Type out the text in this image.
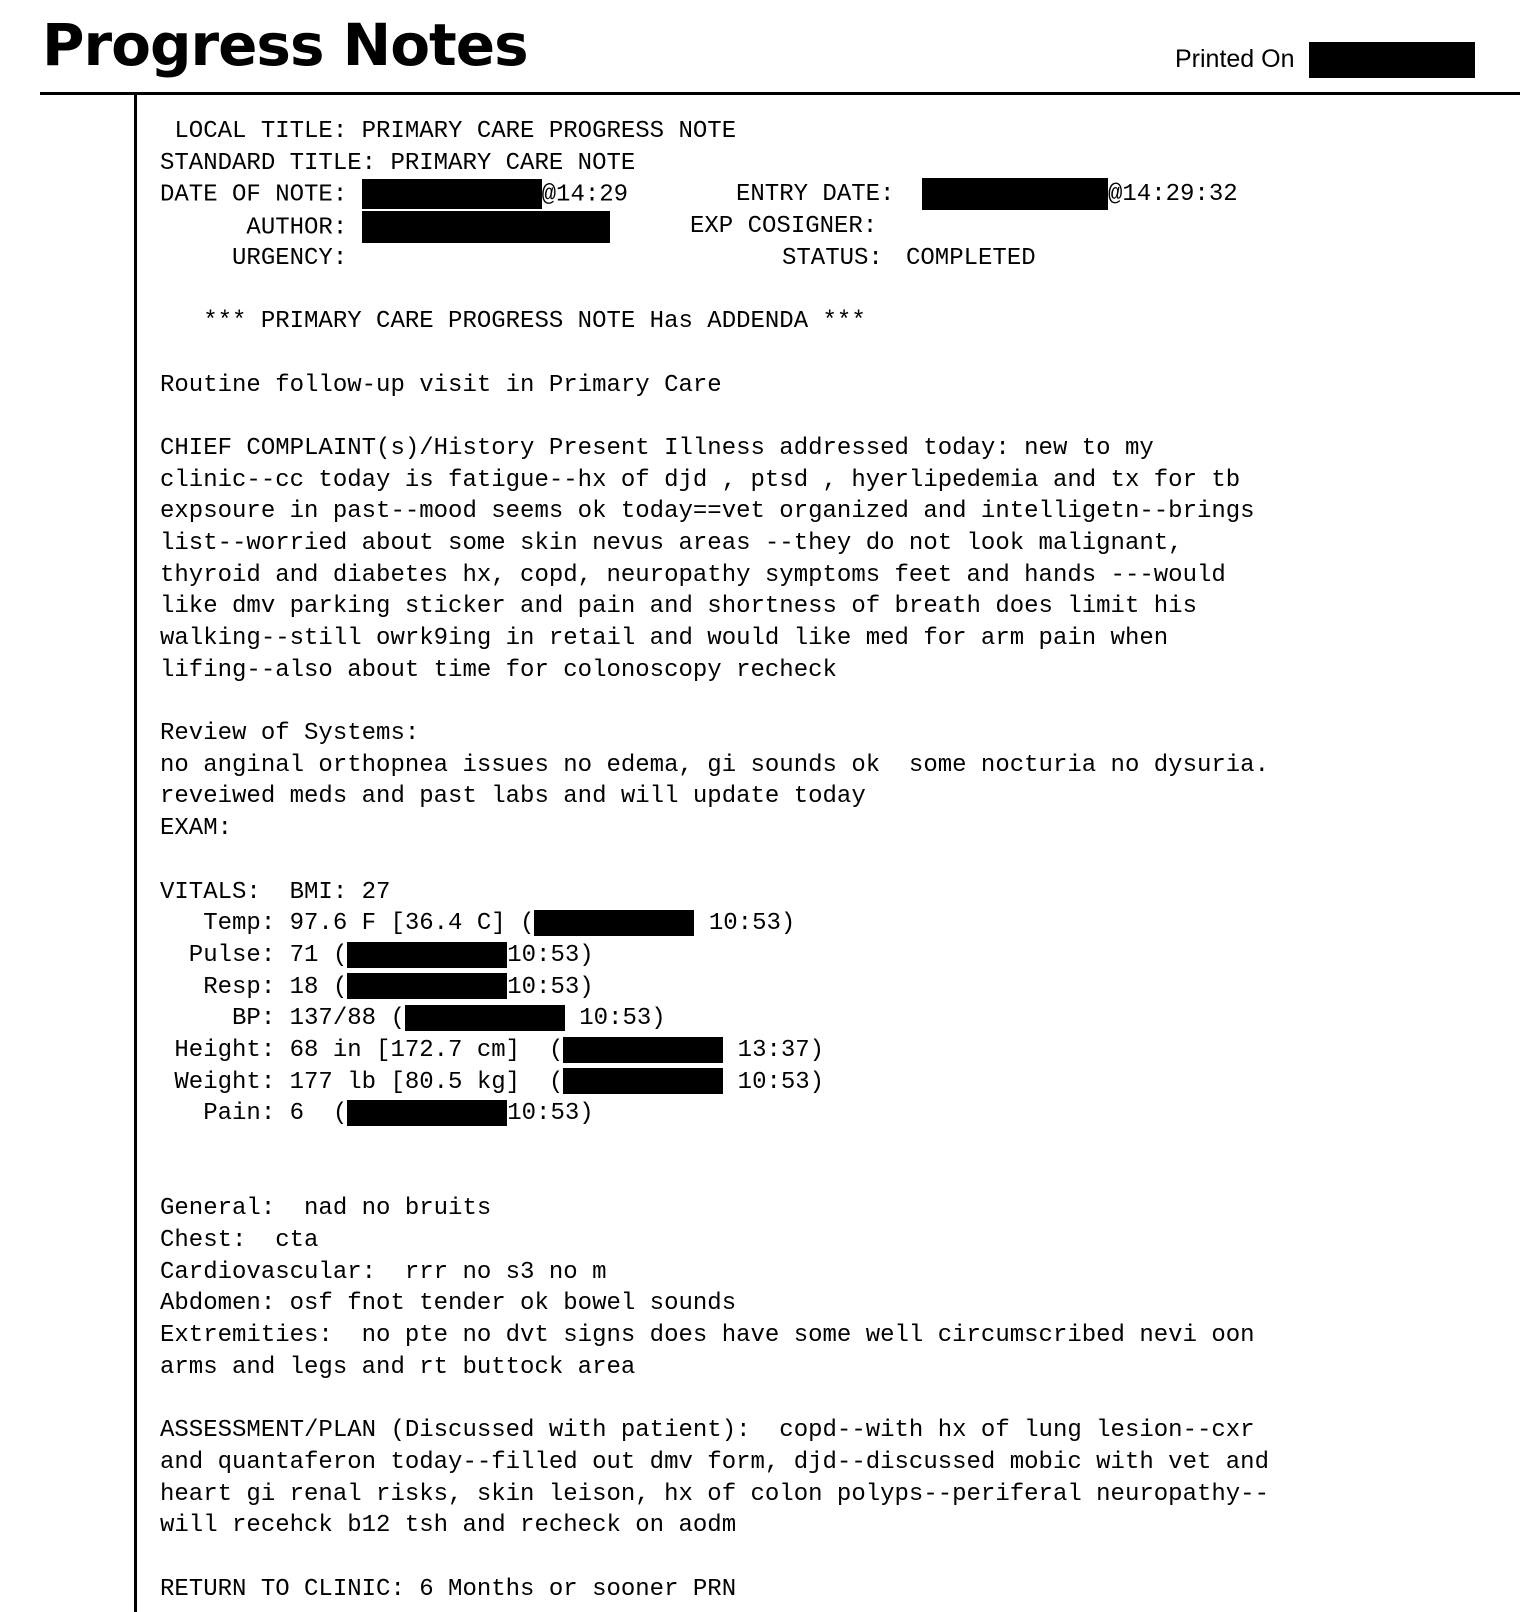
Progress Notes	Printed On
LOCAL TITLE: PRIMARY CARE PROGRESS NOTE
STANDARD TITLE: PRIMARY CARE NOTE
DATE OF NOTE:	@14:29	ENTRY DATE:	@14:29:32
AUTHOR:	EXP COSIGNER:
URGENCY:	STATUS: COMPLETED
*** PRIMARY CARE PROGRESS NOTE Has ADDENDA ***
Routine follow-up visit in Primary Care
CHIEF COMPLAINT(s)/History Present Illness addressed today: new to my
clinic--cc today is fatigue--hx of djd , ptsd , hyerlipedemia and tx for tb
expsoure in past--mood seems ok today==vet organized and intelligetn--brings
list--worried about some skin nevus areas --they do not look malignant,
thyroid and diabetes hx, copd, neuropathy symptoms feet and hands ---would
like dmv parking sticker and pain and shortness of breath does limit his
walking--still owrk9ing in retail and would like med for arm pain when
lifing--also about time for colonoscopy recheck
Review of Systems:
no anginal orthopnea issues no edema, gi sounds ok  some nocturia no dysuria.
reveiwed meds and past labs and will update today
EXAM:
VITALS:  BMI: 27
Temp: 97.6 F [36.4 C] (	10:53)
Pulse: 71 (	10:53)
Resp: 18 (	10:53)
BP: 137/88 (	10:53)
Height: 68 in [172.7 cm]  (	13:37)
Weight: 177 lb [80.5 kg]  (	10:53)
Pain: 6  (	10:53)
General:  nad no bruits
Chest:  cta
Cardiovascular:  rrr no s3 no m
Abdomen: osf fnot tender ok bowel sounds
Extremities:  no pte no dvt signs does have some well circumscribed nevi oon
arms and legs and rt buttock area
ASSESSMENT/PLAN (Discussed with patient):  copd--with hx of lung lesion--cxr
and quantaferon today--filled out dmv form, djd--discussed mobic with vet and
heart gi renal risks, skin leison, hx of colon polyps--periferal neuropathy--
will recehck b12 tsh and recheck on aodm
RETURN TO CLINIC: 6 Months or sooner PRN
